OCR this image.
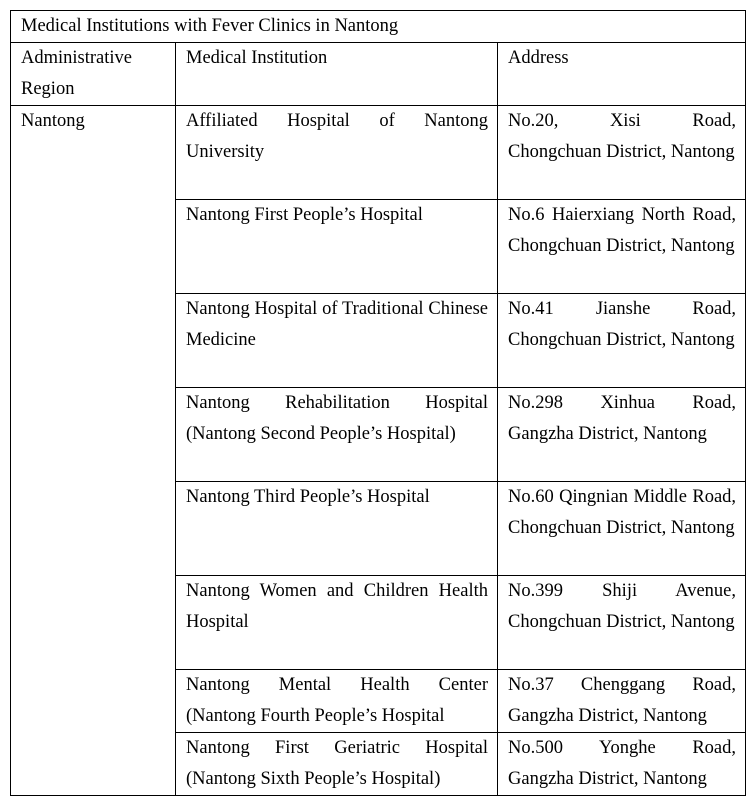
Medical Institutions with Fever Clinics in Nantong		
Administrative Region	Medical Institution	Address
Nantong	Affiliated Hospital of Nantong University	No.20, Xisi Road, Chongchuan District, Nantong
	Nantong First People’s Hospital	No.6 Haierxiang North Road, Chongchuan District, Nantong
	Nantong Hospital of Traditional Chinese Medicine	No.41 Jianshe Road, Chongchuan District, Nantong
	Nantong Rehabilitation Hospital (Nantong Second People’s Hospital)	No.298 Xinhua Road, Gangzha District, Nantong
	Nantong Third People’s Hospital	No.60 Qingnian Middle Road, Chongchuan District, Nantong
	Nantong Women and Children Health Hospital	No.399 Shiji Avenue, Chongchuan District, Nantong
	Nantong Mental Health Center (Nantong Fourth People’s Hospital	No.37 Chenggang Road, Gangzha District, Nantong
	Nantong First Geriatric Hospital (Nantong Sixth People’s Hospital)	No.500 Yonghe Road, Gangzha District, Nantong
